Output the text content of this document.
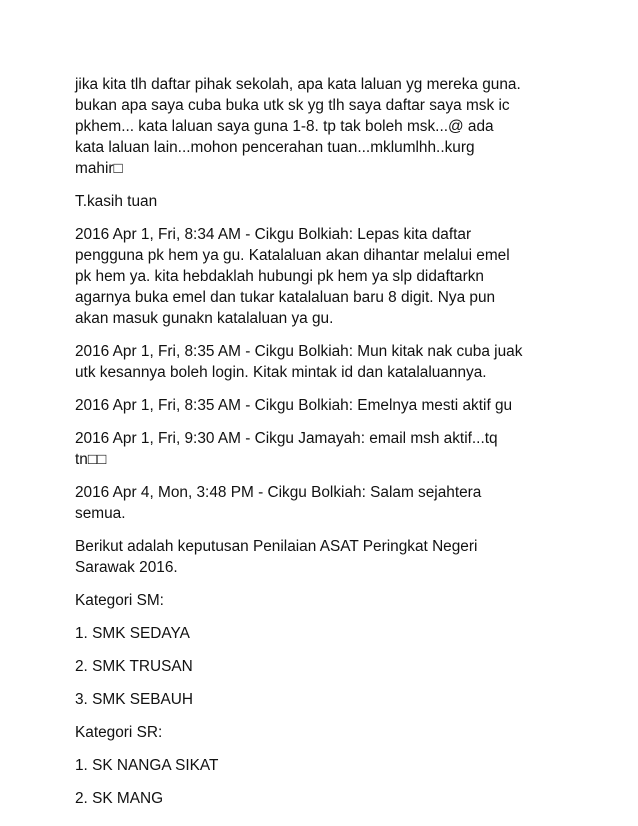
jika kita tlh daftar pihak sekolah, apa kata laluan yg mereka guna.
bukan apa saya cuba buka utk sk yg tlh saya daftar saya msk ic
pkhem... kata laluan saya guna 1-8. tp tak boleh msk...@ ada
kata laluan lain...mohon pencerahan tuan...mklumlhh..kurg
mahir□

T.kasih tuan

2016 Apr 1, Fri, 8:34 AM - Cikgu Bolkiah: Lepas kita daftar
pengguna pk hem ya gu. Katalaluan akan dihantar melalui emel
pk hem ya. kita hebdaklah hubungi pk hem ya slp didaftarkn
agarnya buka emel dan tukar katalaluan baru 8 digit. Nya pun
akan masuk gunakn katalaluan ya gu.

2016 Apr 1, Fri, 8:35 AM - Cikgu Bolkiah: Mun kitak nak cuba juak
utk kesannya boleh login. Kitak mintak id dan katalaluannya.

2016 Apr 1, Fri, 8:35 AM - Cikgu Bolkiah: Emelnya mesti aktif gu

2016 Apr 1, Fri, 9:30 AM - Cikgu Jamayah: email msh aktif...tq
tn□□

2016 Apr 4, Mon, 3:48 PM - Cikgu Bolkiah: Salam sejahtera
semua.

Berikut adalah keputusan Penilaian ASAT Peringkat Negeri
Sarawak 2016.

Kategori SM:

1. SMK SEDAYA

2. SMK TRUSAN

3. SMK SEBAUH

Kategori SR:

1. SK NANGA SIKAT

2. SK MANG
